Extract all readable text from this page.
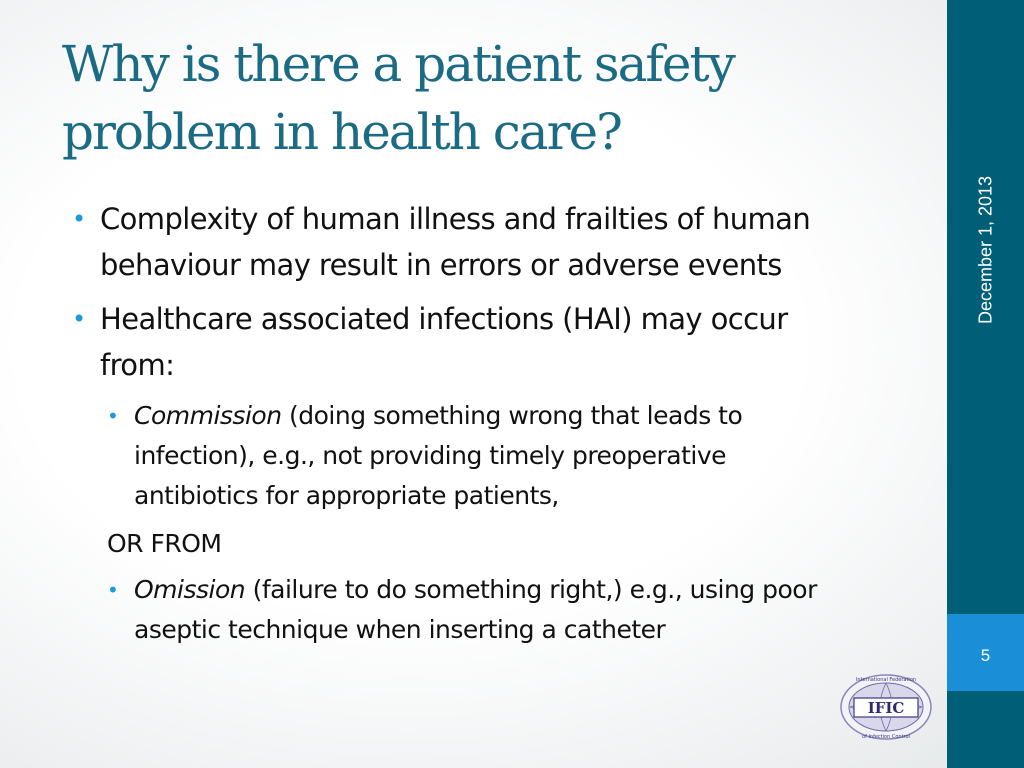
Why is there a patient safety
problem in health care?
• Complexity of human illness and frailties of human
behaviour may result in errors or adverse events
• Healthcare associated infections (HAI) may occur
from:
• Commission (doing something wrong that leads to
infection), e.g., not providing timely preoperative
antibiotics for appropriate patients,
OR FROM
• Omission (failure to do something right,) e.g., using poor
aseptic technique when inserting a catheter
December 1, 2013
5
IFIC
International Federation
of Infection Control
